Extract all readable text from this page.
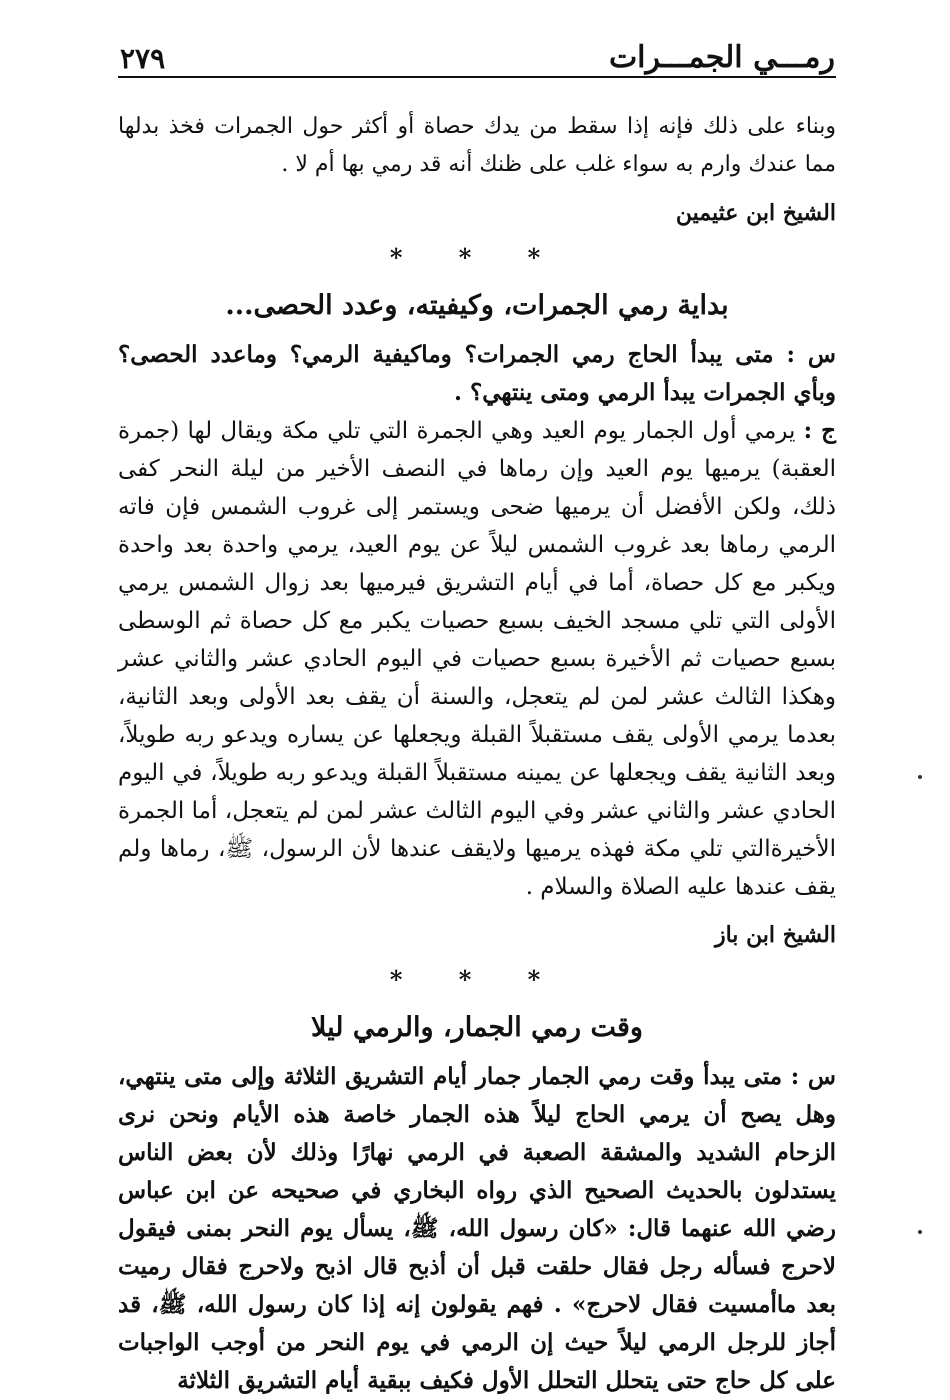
رمـــي الجمـــرات
٢٧٩

وبناء على ذلك فإنه إذا سقط من يدك حصاة أو أكثر حول الجمرات فخذ بدلها مما عندك وارم به سواء غلب على ظنك أنه قد رمي بها أم لا .

الشيخ ابن عثيمين
* * *
بداية رمي الجمرات، وكيفيته، وعدد الحصى...

س : متى يبدأ الحاج رمي الجمرات؟ وماكيفية الرمي؟ وماعدد الحصى؟ وبأي الجمرات يبدأ الرمي ومتى ينتهي؟ .

ج : يرمي أول الجمار يوم العيد وهي الجمرة التي تلي مكة ويقال لها (جمرة العقبة) يرميها يوم العيد وإن رماها في النصف الأخير من ليلة النحر كفى ذلك، ولكن الأفضل أن يرميها ضحى ويستمر إلى غروب الشمس فإن فاته الرمي رماها بعد غروب الشمس ليلاً عن يوم العيد، يرمي واحدة بعد واحدة ويكبر مع كل حصاة، أما في أيام التشريق فيرميها بعد زوال الشمس يرمي الأولى التي تلي مسجد الخيف بسبع حصيات يكبر مع كل حصاة ثم الوسطى بسبع حصيات ثم الأخيرة بسبع حصيات في اليوم الحادي عشر والثاني عشر وهكذا الثالث عشر لمن لم يتعجل، والسنة أن يقف بعد الأولى وبعد الثانية، بعدما يرمي الأولى يقف مستقبلاً القبلة ويجعلها عن يساره ويدعو ربه طويلاً، وبعد الثانية يقف ويجعلها عن يمينه مستقبلاً القبلة ويدعو ربه طويلاً، في اليوم الحادي عشر والثاني عشر وفي اليوم الثالث عشر لمن لم يتعجل، أما الجمرة الأخيرةالتي تلي مكة فهذه يرميها ولايقف عندها لأن الرسول، ﷺ، رماها ولم يقف عندها عليه الصلاة والسلام .

الشيخ ابن باز
* * *
وقت رمي الجمار، والرمي ليلا

س : متى يبدأ وقت رمي الجمار جمار أيام التشريق الثلاثة وإلى متى ينتهي، وهل يصح أن يرمي الحاج ليلاً هذه الجمار خاصة هذه الأيام ونحن نرى الزحام الشديد والمشقة الصعبة في الرمي نهارًا وذلك لأن بعض الناس يستدلون بالحديث الصحيح الذي رواه البخاري في صحيحه عن ابن عباس رضي الله عنهما قال: «كان رسول الله، ﷺ، يسأل يوم النحر بمنى فيقول لاحرج فسأله رجل فقال حلقت قبل أن أذبح قال اذبح ولاحرج فقال رميت بعد ماأمسيت فقال لاحرج» . فهم يقولون إنه إذا كان رسول الله، ﷺ، قد أجاز للرجل الرمي ليلاً حيث إن الرمي في يوم النحر من أوجب الواجبات على كل حاج حتى يتحلل التحلل الأول فكيف ببقية أيام التشريق الثلاثة
